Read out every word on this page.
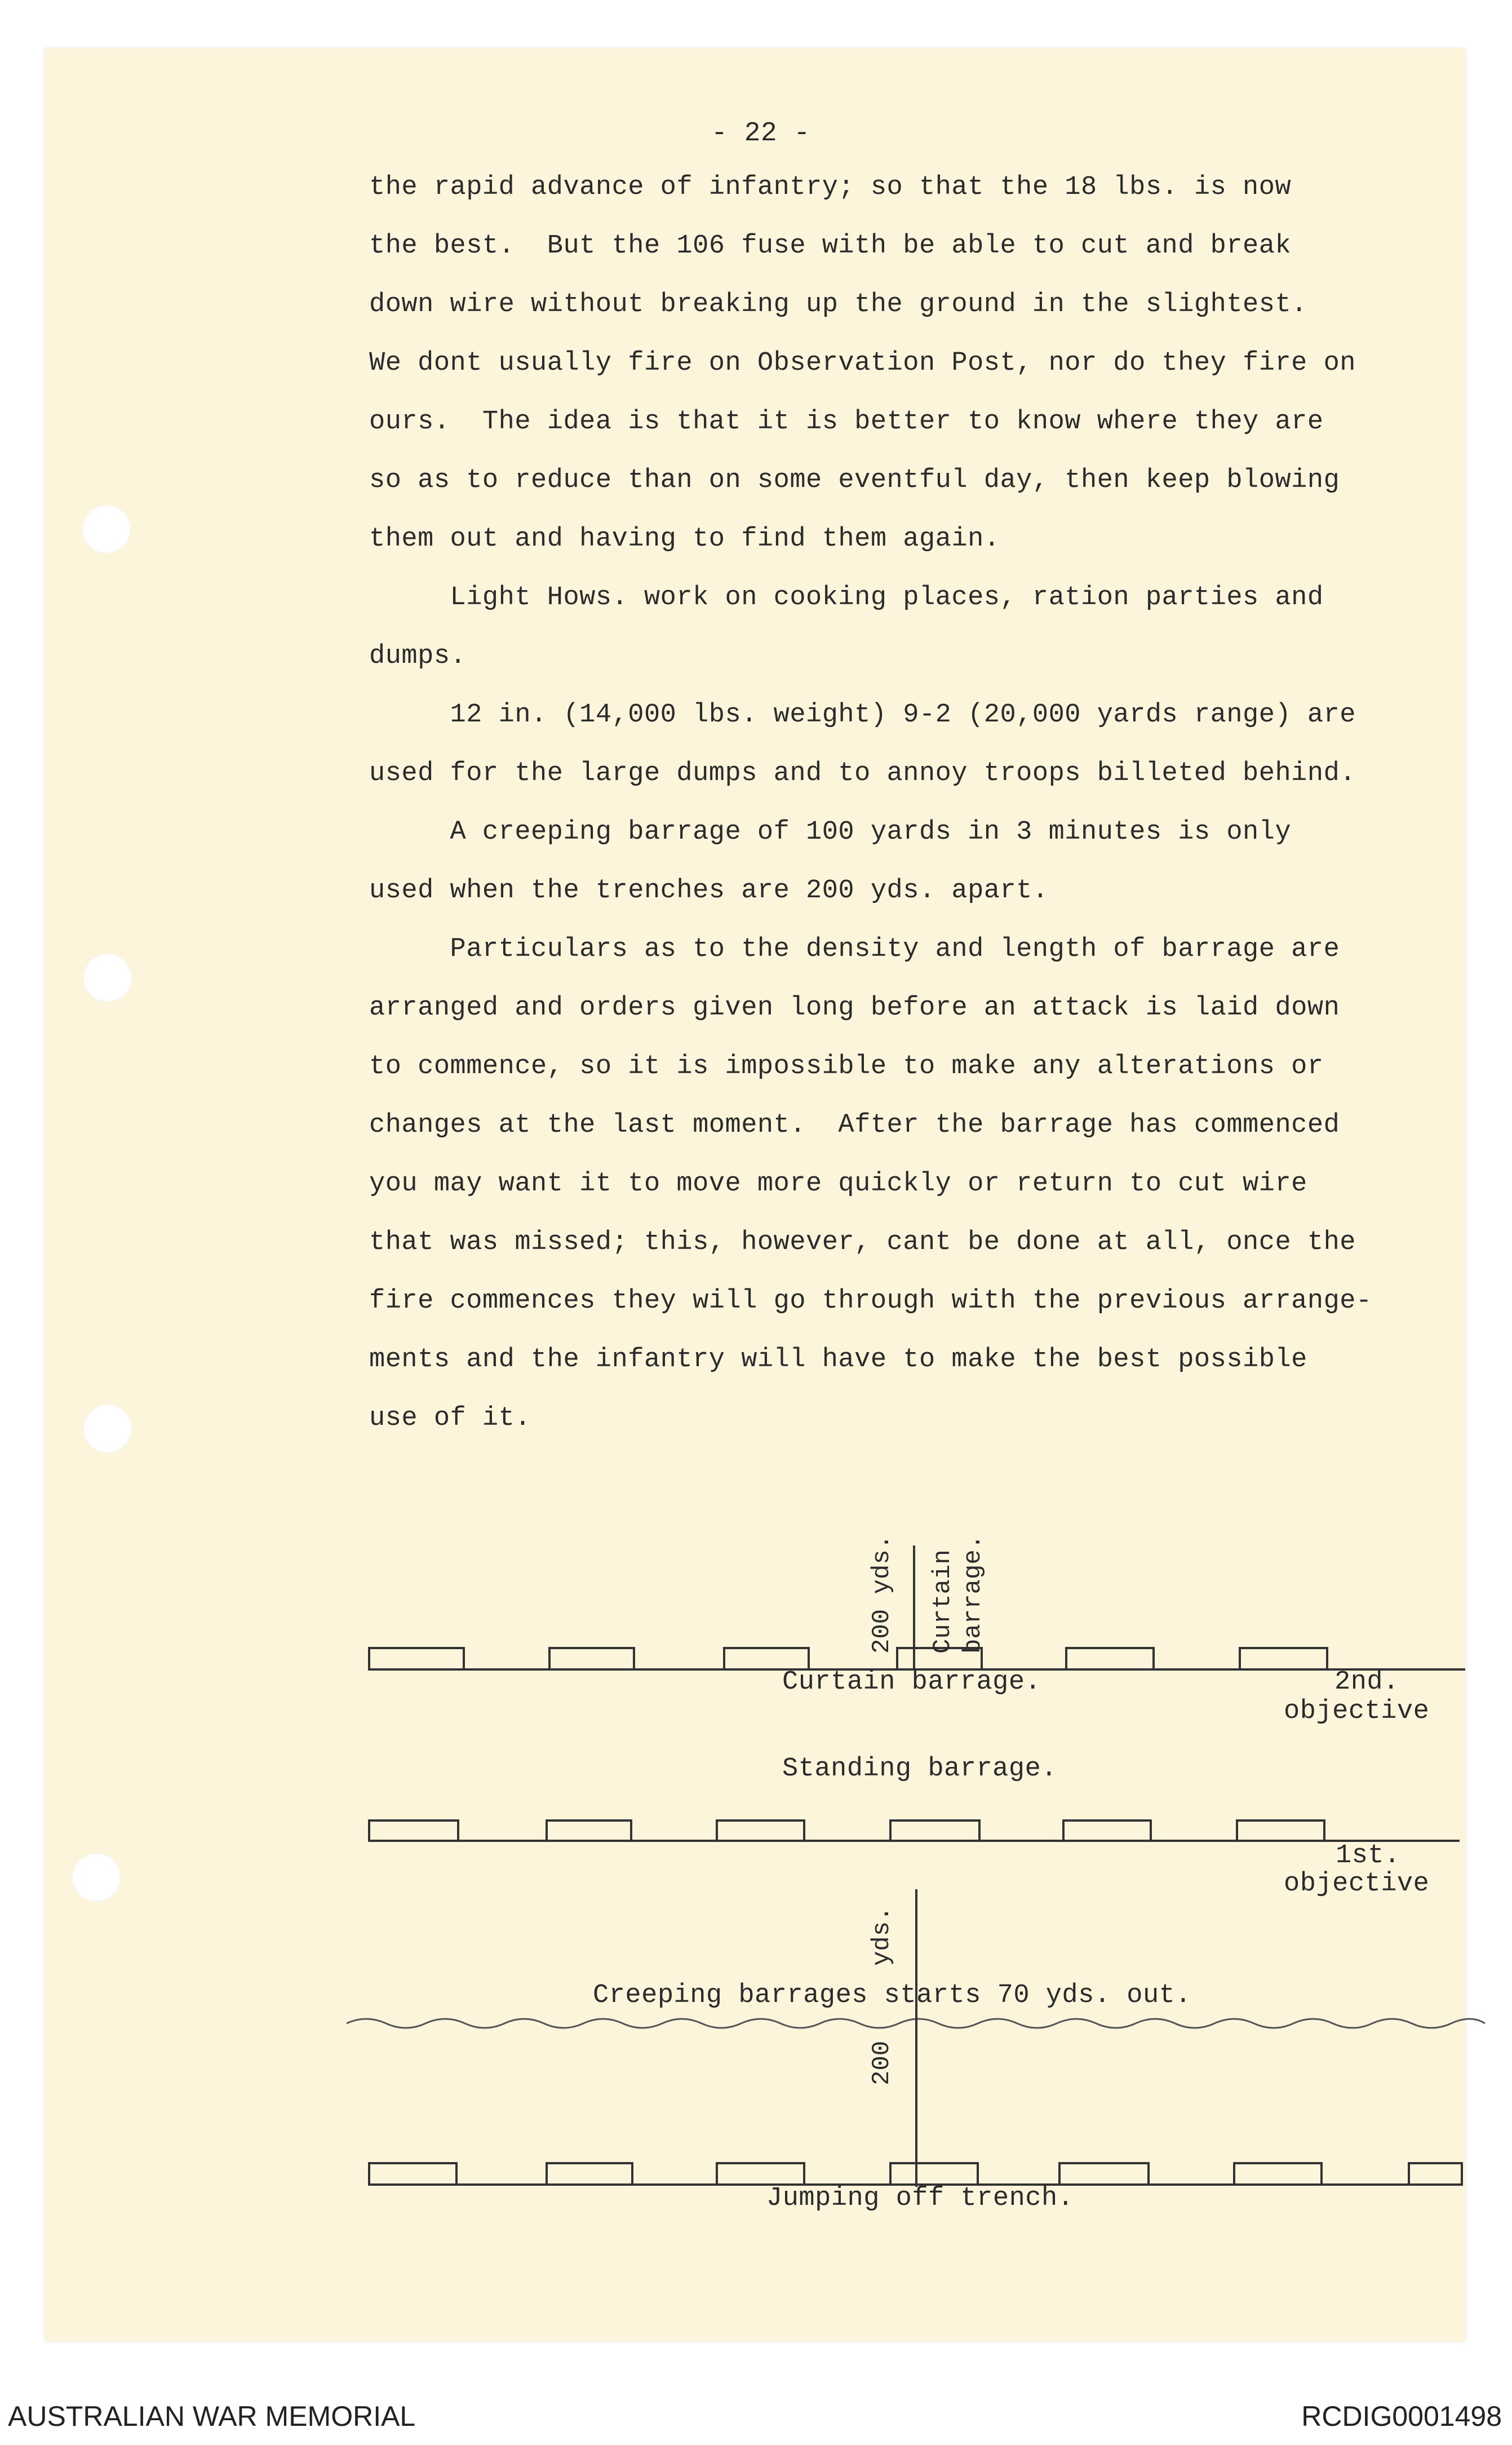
- 22 -
the rapid advance of infantry; so that the 18 lbs. is now
the best.  But the 106 fuse with be able to cut and break
down wire without breaking up the ground in the slightest.
We dont usually fire on Observation Post, nor do they fire on
ours.  The idea is that it is better to know where they are
so as to reduce than on some eventful day, then keep blowing
them out and having to find them again.
Light Hows. work on cooking places, ration parties and
dumps.
12 in. (14,000 lbs. weight) 9-2 (20,000 yards range) are
used for the large dumps and to annoy troops billeted behind.
A creeping barrage of 100 yards in 3 minutes is only
used when the trenches are 200 yds. apart.
Particulars as to the density and length of barrage are
arranged and orders given long before an attack is laid down
to commence, so it is impossible to make any alterations or
changes at the last moment.  After the barrage has commenced
you may want it to move more quickly or return to cut wire
that was missed; this, however, cant be done at all, once the
fire commences they will go through with the previous arrange-
ments and the infantry will have to make the best possible
use of it.
200 yds. Curtain barrage.
Curtain barrage.	2nd.
objective
Standing barrage.
1st.
objective
yds.
Creeping barrages starts 70 yds. out.
200
Jumping off trench.
AUSTRALIAN WAR MEMORIAL	RCDIG0001498
